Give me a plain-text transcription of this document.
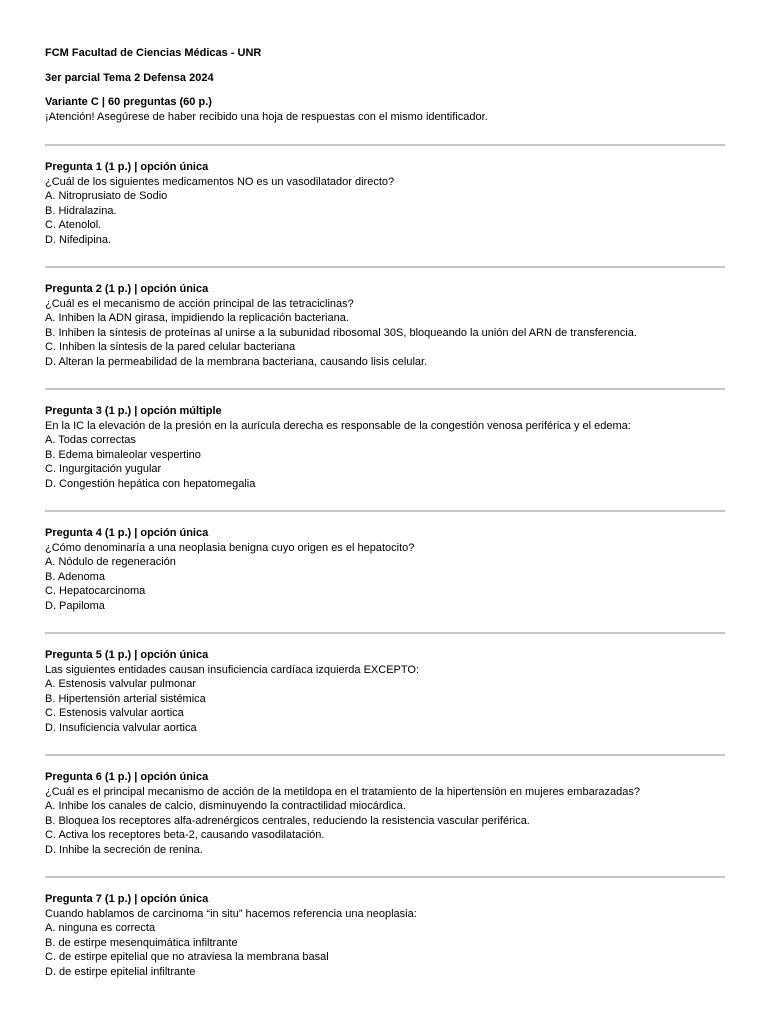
FCM Facultad de Ciencias Médicas - UNR
3er parcial Tema 2 Defensa 2024
Variante C | 60 preguntas (60 p.)
¡Atención! Asegúrese de haber recibido una hoja de respuestas con el mismo identificador.
Pregunta 1 (1 p.) | opción única
¿Cuál de los siguientes medicamentos NO es un vasodilatador directo?
A. Nitroprusiato de Sodio
B. Hidralazina.
C. Atenolol.
D. Nifedipina.
Pregunta 2 (1 p.) | opción única
¿Cuál es el mecanismo de acción principal de las tetraciclinas?
A. Inhiben la ADN girasa, impidiendo la replicación bacteriana.
B. Inhiben la síntesis de proteínas al unirse a la subunidad ribosomal 30S, bloqueando la unión del ARN de transferencia.
C. Inhiben la síntesis de la pared celular bacteriana
D. Alteran la permeabilidad de la membrana bacteriana, causando lisis celular.
Pregunta 3 (1 p.) | opción múltiple
En la IC la elevación de la presión en la aurícula derecha es responsable de la congestión venosa periférica y el edema:
A. Todas correctas
B. Edema bimaleolar vespertino
C. Ingurgitación yugular
D. Congestión hepática con hepatomegalia
Pregunta 4 (1 p.) | opción única
¿Cómo denominaría a una neoplasia benigna cuyo origen es el hepatocito?
A. Nódulo de regeneración
B. Adenoma
C. Hepatocarcinoma
D. Papiloma
Pregunta 5 (1 p.) | opción única
Las siguientes entidades causan insuficiencia cardíaca izquierda EXCEPTO:
A. Estenosis valvular pulmonar
B. Hipertensión arterial sistémica
C. Estenosis valvular aortica
D. Insuficiencia valvular aortica
Pregunta 6 (1 p.) | opción única
¿Cuál es el principal mecanismo de acción de la metildopa en el tratamiento de la hipertensión en mujeres embarazadas?
A. Inhibe los canales de calcio, disminuyendo la contractilidad miocárdica.
B. Bloquea los receptores alfa-adrenérgicos centrales, reduciendo la resistencia vascular periférica.
C. Activa los receptores beta-2, causando vasodilatación.
D. Inhibe la secreción de renina.
Pregunta 7 (1 p.) | opción única
Cuando hablamos de carcinoma “in situ” hacemos referencia una neoplasia:
A. ninguna es correcta
B. de estirpe mesenquimática infiltrante
C. de estirpe epitelial que no atraviesa la membrana basal
D. de estirpe epitelial infiltrante
